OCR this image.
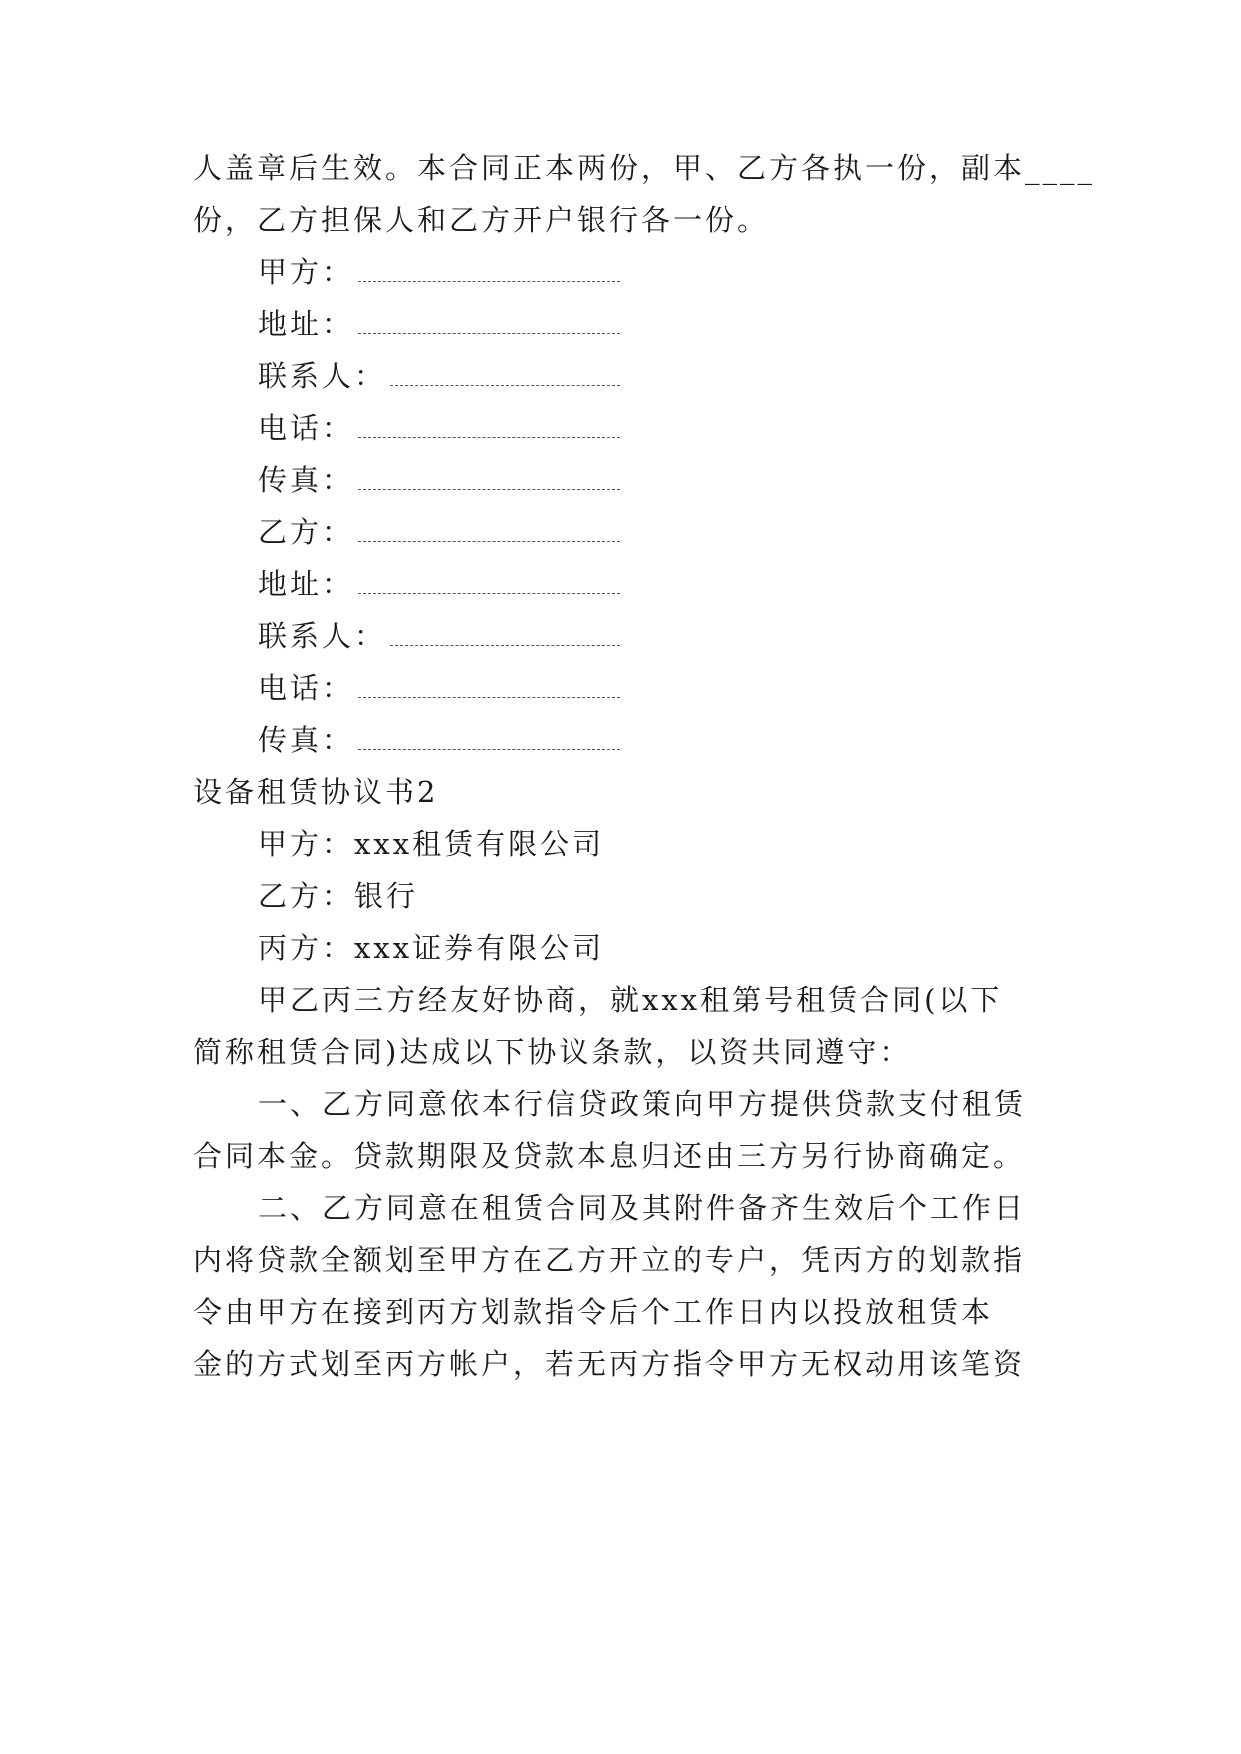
人盖章后生效。本合同正本两份，甲、乙方各执一份，副本____
份，乙方担保人和乙方开户银行各一份。
甲方：
地址：
联系人：
电话：
传真：
乙方：
地址：
联系人：
电话：
传真：
设备租赁协议书2
甲方：xxx租赁有限公司
乙方：银行
丙方：xxx证券有限公司
甲乙丙三方经友好协商，就xxx租第号租赁合同(以下
简称租赁合同)达成以下协议条款，以资共同遵守：
一、乙方同意依本行信贷政策向甲方提供贷款支付租赁
合同本金。贷款期限及贷款本息归还由三方另行协商确定。
二、乙方同意在租赁合同及其附件备齐生效后个工作日
内将贷款全额划至甲方在乙方开立的专户，凭丙方的划款指
令由甲方在接到丙方划款指令后个工作日内以投放租赁本
金的方式划至丙方帐户，若无丙方指令甲方无权动用该笔资
